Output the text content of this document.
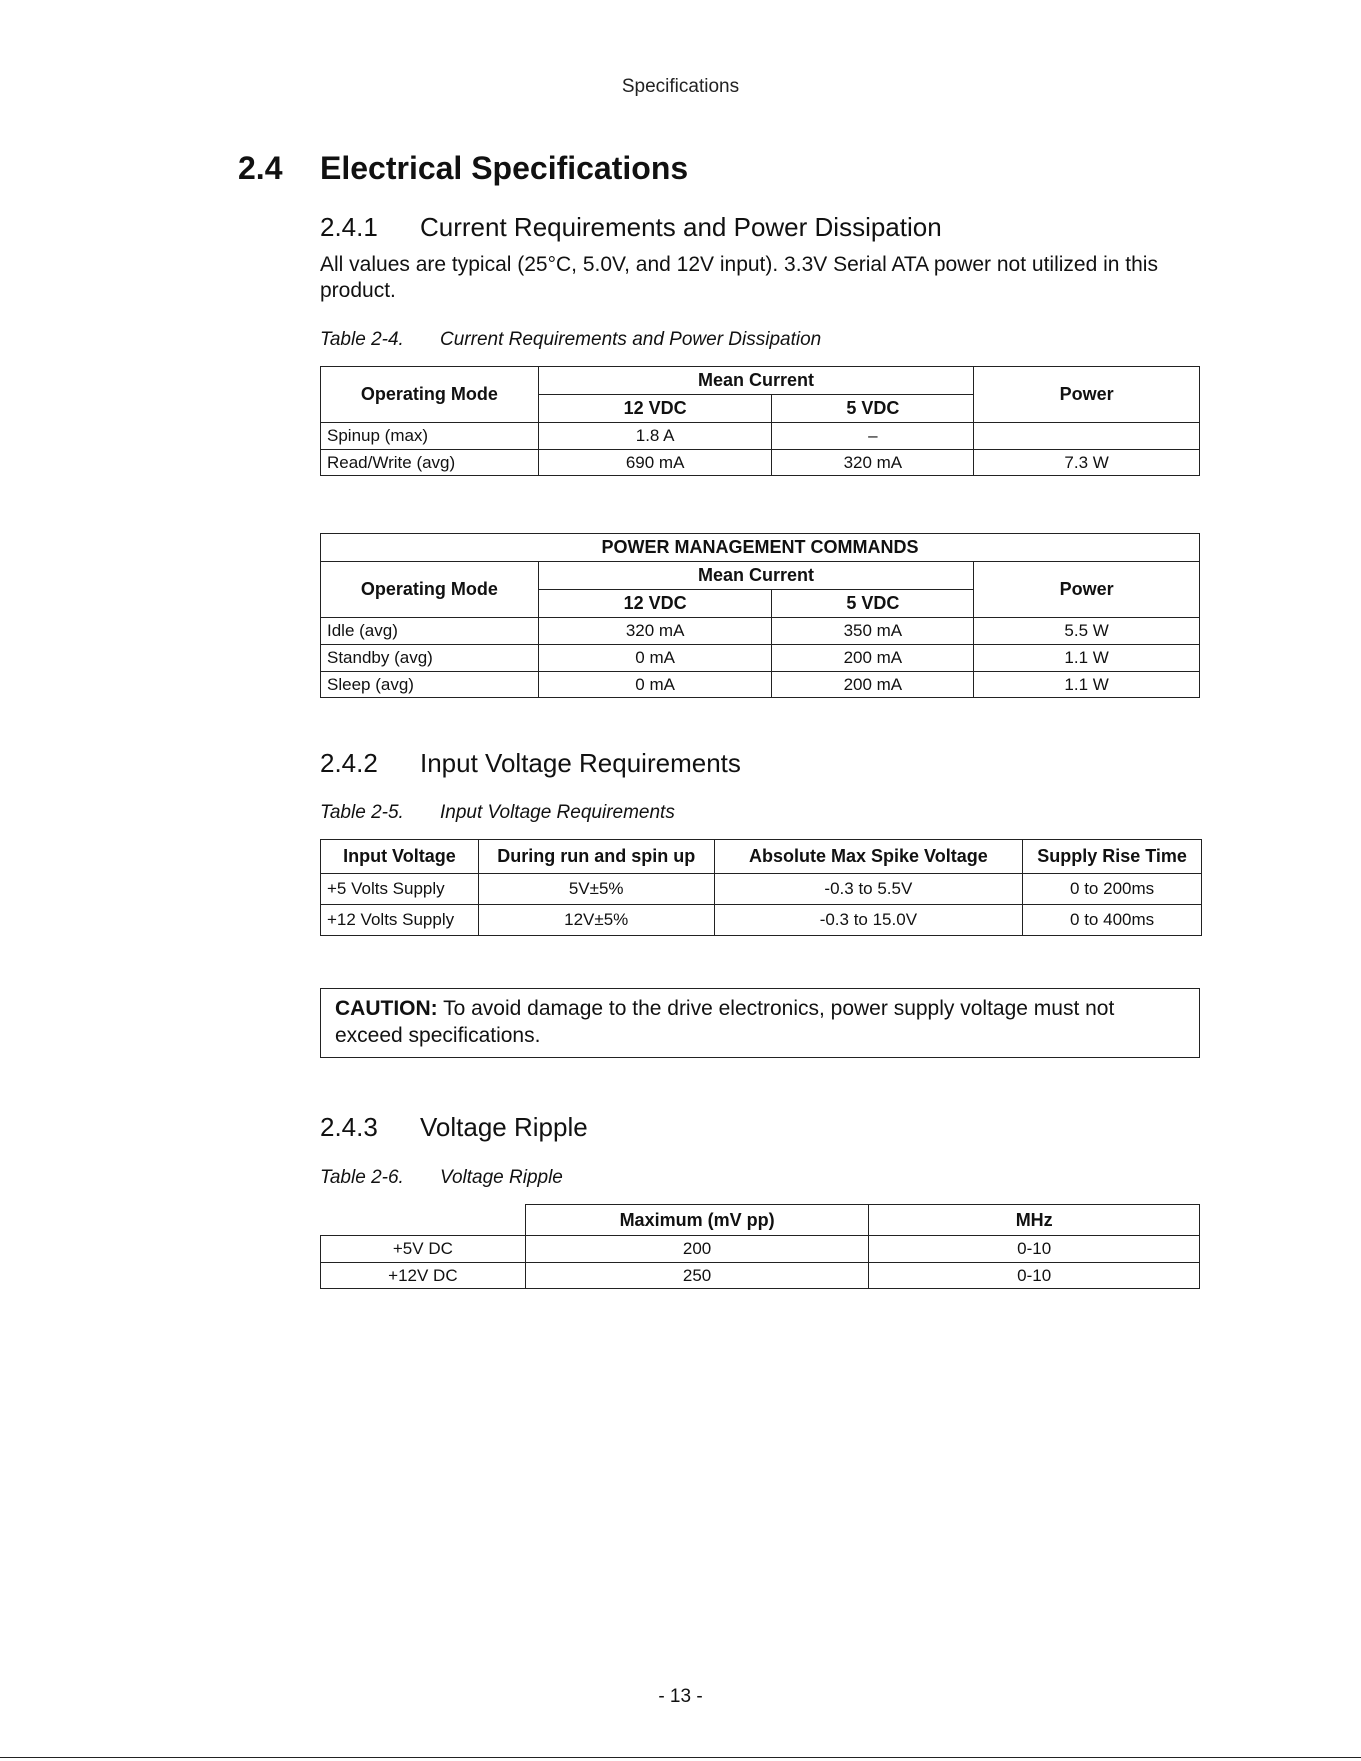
Specifications
2.4 Electrical Specifications
2.4.1 Current Requirements and Power Dissipation
All values are typical (25°C, 5.0V, and 12V input). 3.3V Serial ATA power not utilized in this product.
Table 2-4. Current Requirements and Power Dissipation
Operating Mode	Mean Current		Power
	12 VDC	5 VDC	
Spinup (max)	1.8 A	–	
Read/Write (avg)	690 mA	320 mA	7.3 W
POWER MANAGEMENT COMMANDS			
Operating Mode	Mean Current		Power
	12 VDC	5 VDC	
Idle (avg)	320 mA	350 mA	5.5 W
Standby (avg)	0 mA	200 mA	1.1 W
Sleep (avg)	0 mA	200 mA	1.1 W
2.4.2 Input Voltage Requirements
Table 2-5. Input Voltage Requirements
Input Voltage	During run and spin up	Absolute Max Spike Voltage	Supply Rise Time
+5 Volts Supply	5V±5%	-0.3 to 5.5V	0 to 200ms
+12 Volts Supply	12V±5%	-0.3 to 15.0V	0 to 400ms
CAUTION: To avoid damage to the drive electronics, power supply voltage must not exceed specifications.
2.4.3 Voltage Ripple
Table 2-6. Voltage Ripple
	Maximum (mV pp)	MHz
+5V DC	200	0-10
+12V DC	250	0-10
- 13 -
